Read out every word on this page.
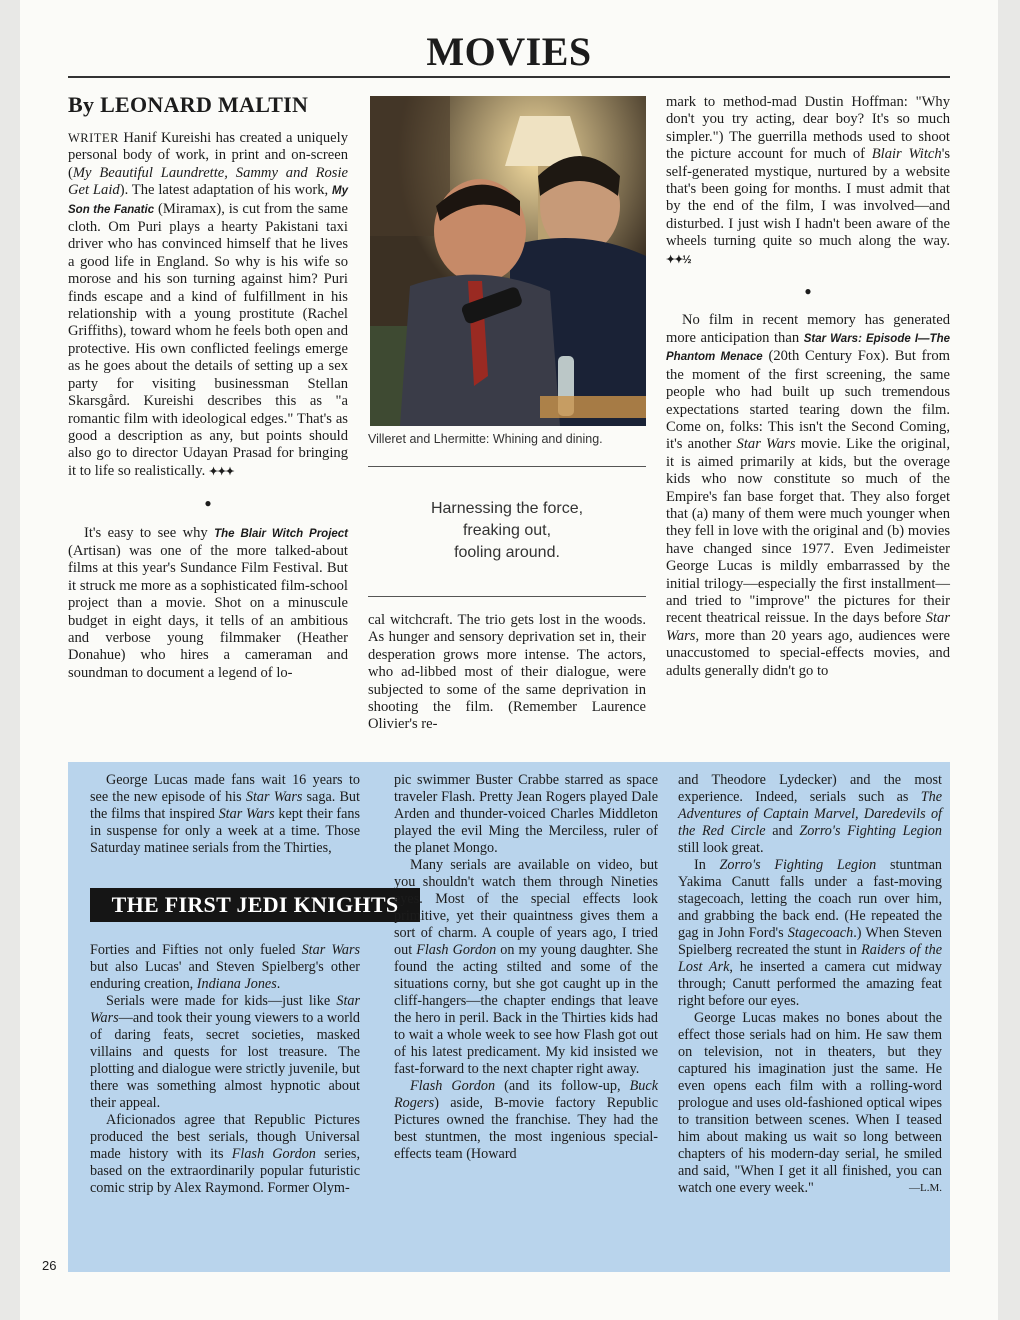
MOVIES
By LEONARD MALTIN

WRITER Hanif Kureishi has created a uniquely personal body of work, in print and on-screen (My Beautiful Laundrette, Sammy and Rosie Get Laid). The latest adaptation of his work, My Son the Fanatic (Miramax), is cut from the same cloth. Om Puri plays a hearty Pakistani taxi driver who has convinced himself that he lives a good life in England. So why is his wife so morose and his son turning against him? Puri finds escape and a kind of fulfillment in his relationship with a young prostitute (Rachel Griffiths), toward whom he feels both open and protective. His own conflicted feelings emerge as he goes about the details of setting up a sex party for visiting businessman Stellan Skarsgård. Kureishi describes this as "a romantic film with ideological edges." That's as good a description as any, but points should also go to director Udayan Prasad for bringing it to life so realistically. ✦✦✦

●

It's easy to see why The Blair Witch Project (Artisan) was one of the more talked-about films at this year's Sundance Film Festival. But it struck me more as a sophisticated film-school project than a movie. Shot on a minuscule budget in eight days, it tells of an ambitious and verbose young filmmaker (Heather Donahue) who hires a cameraman and soundman to document a legend of lo-

Villeret and Lhermitte: Whining and dining.
Harnessing the force,
freaking out,
fooling around.

cal witchcraft. The trio gets lost in the woods. As hunger and sensory deprivation set in, their desperation grows more intense. The actors, who ad-libbed most of their dialogue, were subjected to some of the same deprivation in shooting the film. (Remember Laurence Olivier's re-

mark to method-mad Dustin Hoffman: "Why don't you try acting, dear boy? It's so much simpler.") The guerrilla methods used to shoot the picture account for much of Blair Witch's self-generated mystique, nurtured by a website that's been going for months. I must admit that by the end of the film, I was involved—and disturbed. I just wish I hadn't been aware of the wheels turning quite so much along the way. ✦✦½

●

No film in recent memory has generated more anticipation than Star Wars: Episode I—The Phantom Menace (20th Century Fox). But from the moment of the first screening, the same people who had built up such tremendous expectations started tearing down the film. Come on, folks: This isn't the Second Coming, it's another Star Wars movie. Like the original, it is aimed primarily at kids, but the overage kids who now constitute so much of the Empire's fan base forget that. They also forget that (a) many of them were much younger when they fell in love with the original and (b) movies have changed since 1977. Even Jedimeister George Lucas is mildly embarrassed by the initial trilogy—especially the first installment—and tried to "improve" the pictures for their recent theatrical reissue. In the days before Star Wars, more than 20 years ago, audiences were unaccustomed to special-effects movies, and adults generally didn't go to

George Lucas made fans wait 16 years to see the new episode of his Star Wars saga. But the films that inspired Star Wars kept their fans in suspense for only a week at a time. Those Saturday matinee serials from the Thirties,

THE FIRST JEDI KNIGHTS

Forties and Fifties not only fueled Star Wars but also Lucas' and Steven Spielberg's other enduring creation, Indiana Jones.

Serials were made for kids—just like Star Wars—and took their young viewers to a world of daring feats, secret societies, masked villains and quests for lost treasure. The plotting and dialogue were strictly juvenile, but there was something almost hypnotic about their appeal.

Aficionados agree that Republic Pictures produced the best serials, though Universal made history with its Flash Gordon series, based on the extraordinarily popular futuristic comic strip by Alex Raymond. Former Olym-

pic swimmer Buster Crabbe starred as space traveler Flash. Pretty Jean Rogers played Dale Arden and thunder-voiced Charles Middleton played the evil Ming the Merciless, ruler of the planet Mongo.

Many serials are available on video, but you shouldn't watch them through Nineties eyes. Most of the special effects look primitive, yet their quaintness gives them a sort of charm. A couple of years ago, I tried out Flash Gordon on my young daughter. She found the acting stilted and some of the situations corny, but she got caught up in the cliff-hangers—the chapter endings that leave the hero in peril. Back in the Thirties kids had to wait a whole week to see how Flash got out of his latest predicament. My kid insisted we fast-forward to the next chapter right away.

Flash Gordon (and its follow-up, Buck Rogers) aside, B-movie factory Republic Pictures owned the franchise. They had the best stuntmen, the most ingenious special-effects team (Howard

and Theodore Lydecker) and the most experience. Indeed, serials such as The Adventures of Captain Marvel, Daredevils of the Red Circle and Zorro's Fighting Legion still look great.

In Zorro's Fighting Legion stuntman Yakima Canutt falls under a fast-moving stagecoach, letting the coach run over him, and grabbing the back end. (He repeated the gag in John Ford's Stagecoach.) When Steven Spielberg recreated the stunt in Raiders of the Lost Ark, he inserted a camera cut midway through; Canutt performed the amazing feat right before our eyes.

George Lucas makes no bones about the effect those serials had on him. He saw them on television, not in theaters, but they captured his imagination just the same. He even opens each film with a rolling-word prologue and uses old-fashioned optical wipes to transition between scenes. When I teased him about making us wait so long between chapters of his modern-day serial, he smiled and said, "When I get it all finished, you can watch one every week."	—L.M.

26
